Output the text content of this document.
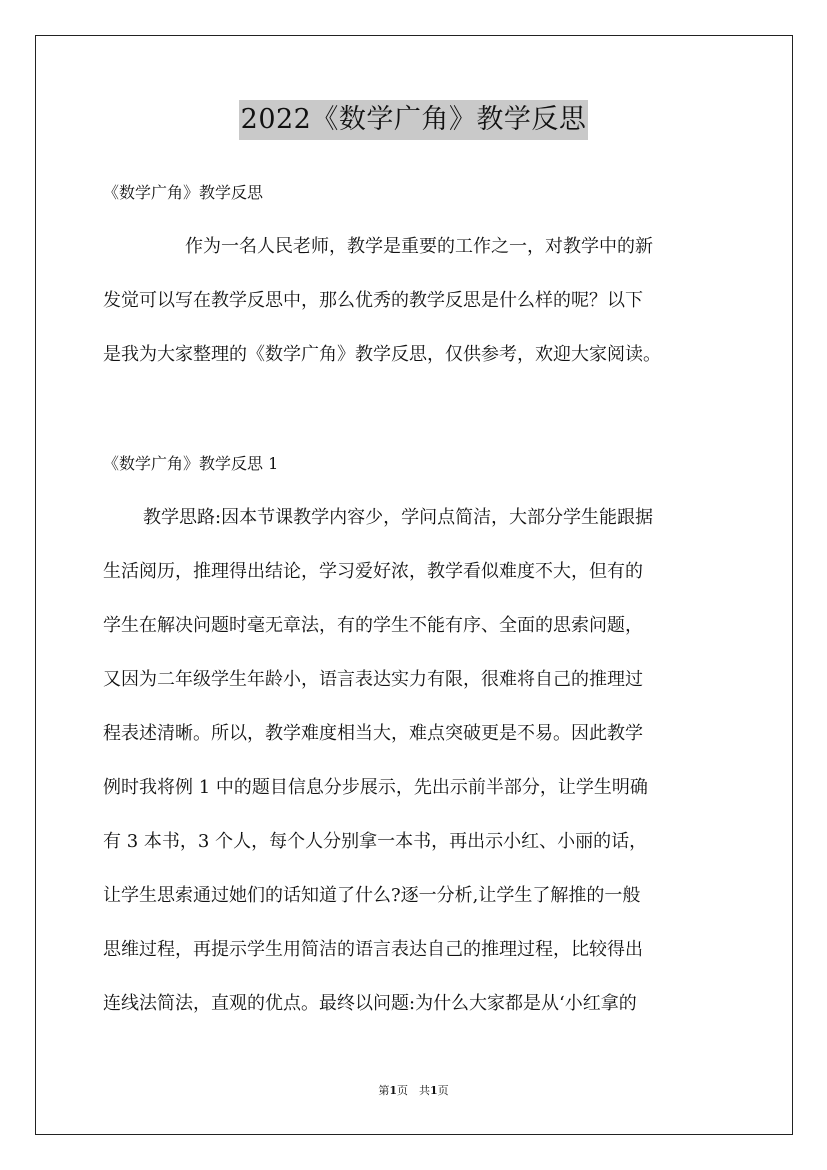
2022《数学广角》教学反思
《数学广角》教学反思
作为一名人民老师，教学是重要的工作之一，对教学中的新
发觉可以写在教学反思中，那么优秀的教学反思是什么样的呢？以下
是我为大家整理的《数学广角》教学反思，仅供参考，欢迎大家阅读。
《数学广角》教学反思 1
教学思路:因本节课教学内容少，学问点简洁，大部分学生能跟据
生活阅历，推理得出结论，学习爱好浓，教学看似难度不大，但有的
学生在解决问题时毫无章法，有的学生不能有序、全面的思索问题，
又因为二年级学生年龄小，语言表达实力有限，很难将自己的推理过
程表述清晰。所以，教学难度相当大，难点突破更是不易。因此教学
例时我将例 1 中的题目信息分步展示，先出示前半部分，让学生明确
有 3 本书，3 个人，每个人分别拿一本书，再出示小红、小丽的话，
让学生思索通过她们的话知道了什么?逐一分析,让学生了解推的一般
思维过程，再提示学生用简洁的语言表达自己的推理过程，比较得出
连线法简法，直观的优点。最终以问题:为什么大家都是从‘小红拿的
第1页　共1页
